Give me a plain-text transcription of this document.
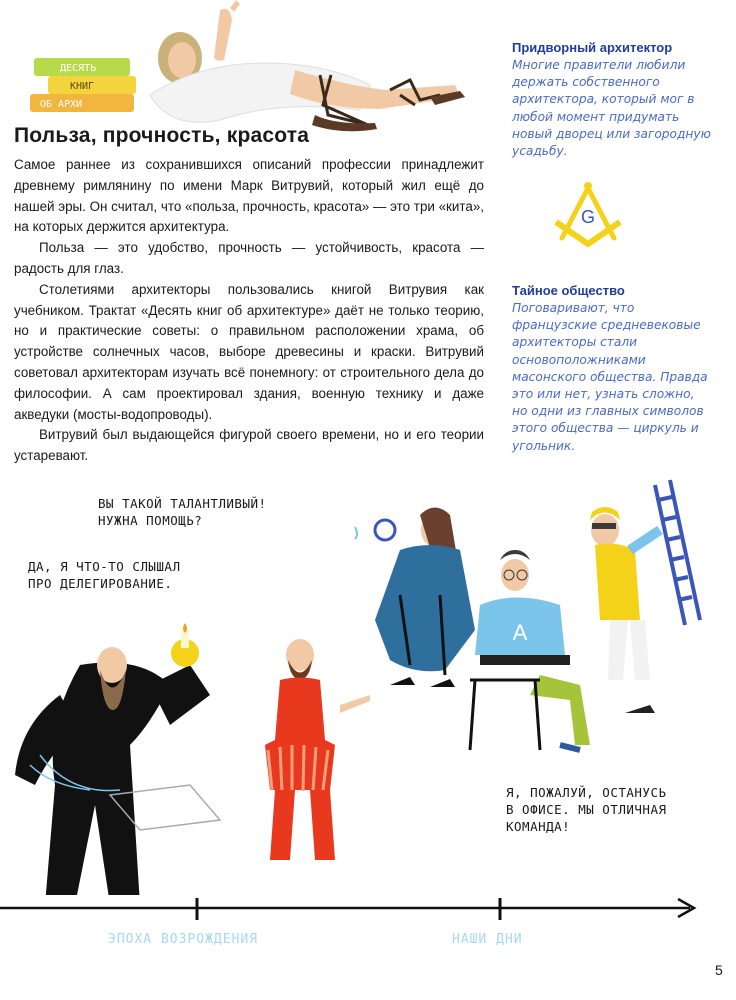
ДЕСЯТЬ
КНИГ
ОБ АРХИ
Польза, прочность, красота

Самое раннее из сохранившихся описаний профессии принадлежит древнему римлянину по имени Марк Витрувий, который жил ещё до нашей эры. Он считал, что «польза, прочность, красота» — это три «кита», на которых держится архитектура.

Польза — это удобство, прочность — устойчивость, красота — радость для глаз.

Столетиями архитекторы пользовались книгой Витрувия как учебником. Трактат «Десять книг об архитектуре» даёт не только теорию, но и практические советы: о правильном расположении храма, об устройстве солнечных часов, выборе древесины и краски. Витрувий советовал архитекторам изучать всё понемногу: от строительного дела до философии. А сам проектировал здания, военную технику и даже акведуки (мосты-водопроводы).

Витрувий был выдающейся фигурой своего времени, но и его теории устаревают.

Придворный архитектор

Многие правители любили держать собственного архитектора, который мог в любой момент придумать новый дворец или загородную усадьбу.

G

Тайное общество

Поговаривают, что французские средневековые архитекторы стали основоположниками масонского общества. Правда это или нет, узнать сложно, но одни из главных символов этого общества — циркуль и угольник.

A
ВЫ ТАКОЙ ТАЛАНТЛИВЫЙ!
НУЖНА ПОМОЩЬ?
ДА, Я ЧТО-ТО СЛЫШАЛ
ПРО ДЕЛЕГИРОВАНИЕ.
Я, ПОЖАЛУЙ, ОСТАНУСЬ
В ОФИСЕ. МЫ ОТЛИЧНАЯ
КОМАНДА!
ЭПОХА ВОЗРОЖДЕНИЯ	НАШИ ДНИ
5
